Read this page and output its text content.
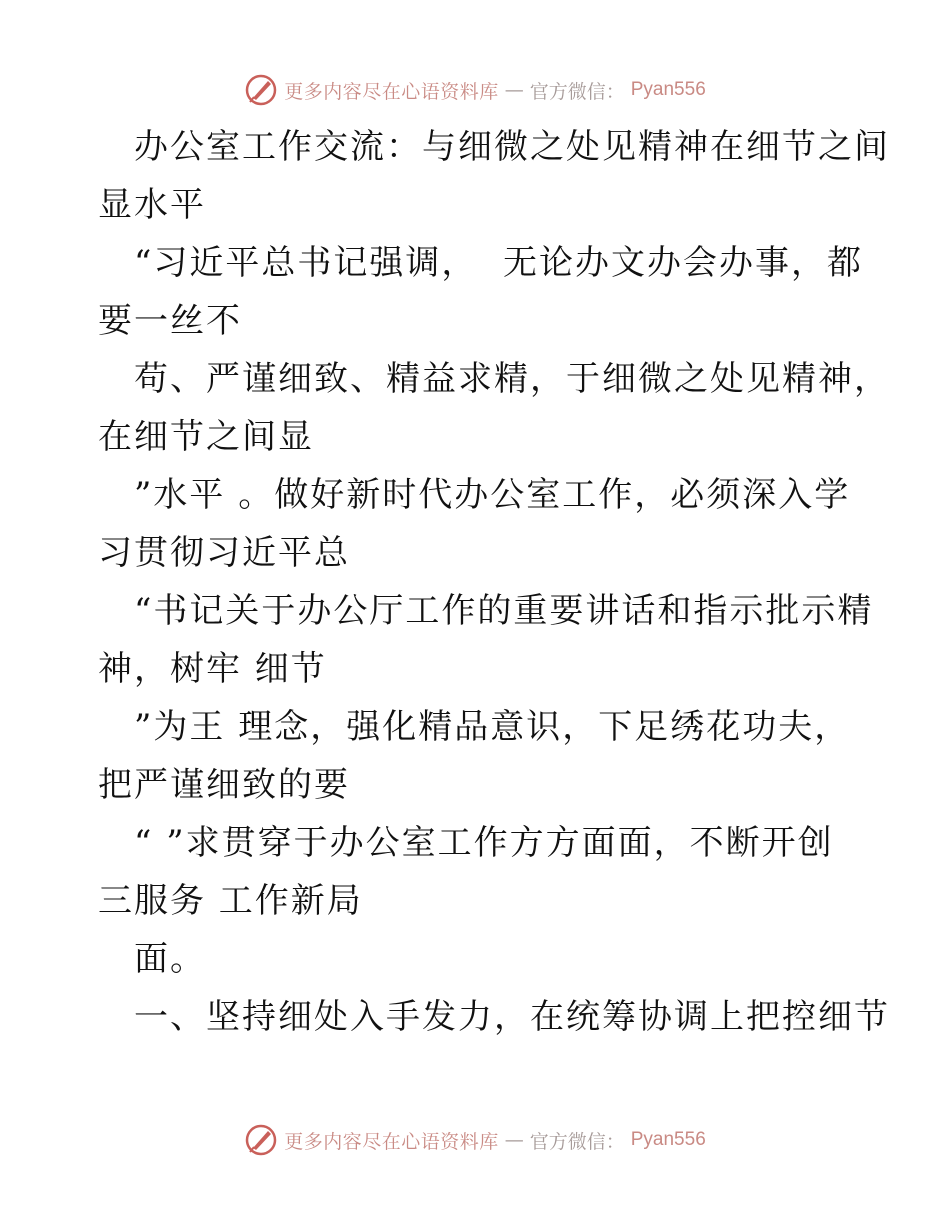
更多内容尽在心语资料库 — 官方微信： Pyan556
办公室工作交流：与细微之处见精神在细节之间
显水平
“习近平总书记强调，  无论办文办会办事，都
要一丝不
苟、严谨细致、精益求精，于细微之处见精神，
在细节之间显
”水平 。做好新时代办公室工作，必须深入学
习贯彻习近平总
“书记关于办公厅工作的重要讲话和指示批示精
神，树牢 细节
”为王 理念，强化精品意识，下足绣花功夫，
把严谨细致的要
“ ”求贯穿于办公室工作方方面面，不断开创
三服务 工作新局
面。
一、坚持细处入手发力，在统筹协调上把控细节
更多内容尽在心语资料库 — 官方微信： Pyan556
